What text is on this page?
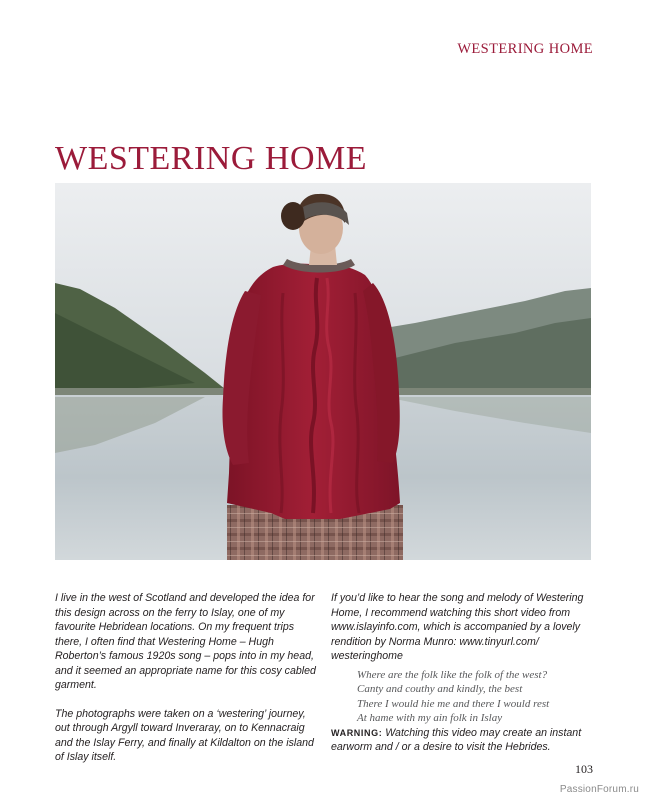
WESTERING HOME
WESTERING HOME

I live in the west of Scotland and developed the idea for this design across on the ferry to Islay, one of my favourite Hebridean locations. On my frequent trips there, I often find that Westering Home – Hugh Roberton’s famous 1920s song – pops into in my head, and it seemed an appropriate name for this cosy cabled garment.

The photographs were taken on a ‘westering’ journey, out through Argyll toward Inveraray, on to Kennacraig and the Islay Ferry, and finally at Kildalton on the island of Islay itself.

If you’d like to hear the song and melody of Westering Home, I recommend watching this short video from www.islayinfo.com, which is accompanied by a lovely rendition by Norma Munro: www.tinyurl.com/ westeringhome

Where are the folk like the folk of the west?
Canty and couthy and kindly, the best
There I would hie me and there I would rest
At hame with my ain folk in Islay

WARNING: Watching this video may create an instant earworm and / or a desire to visit the Hebrides.

103
PassionForum.ru
